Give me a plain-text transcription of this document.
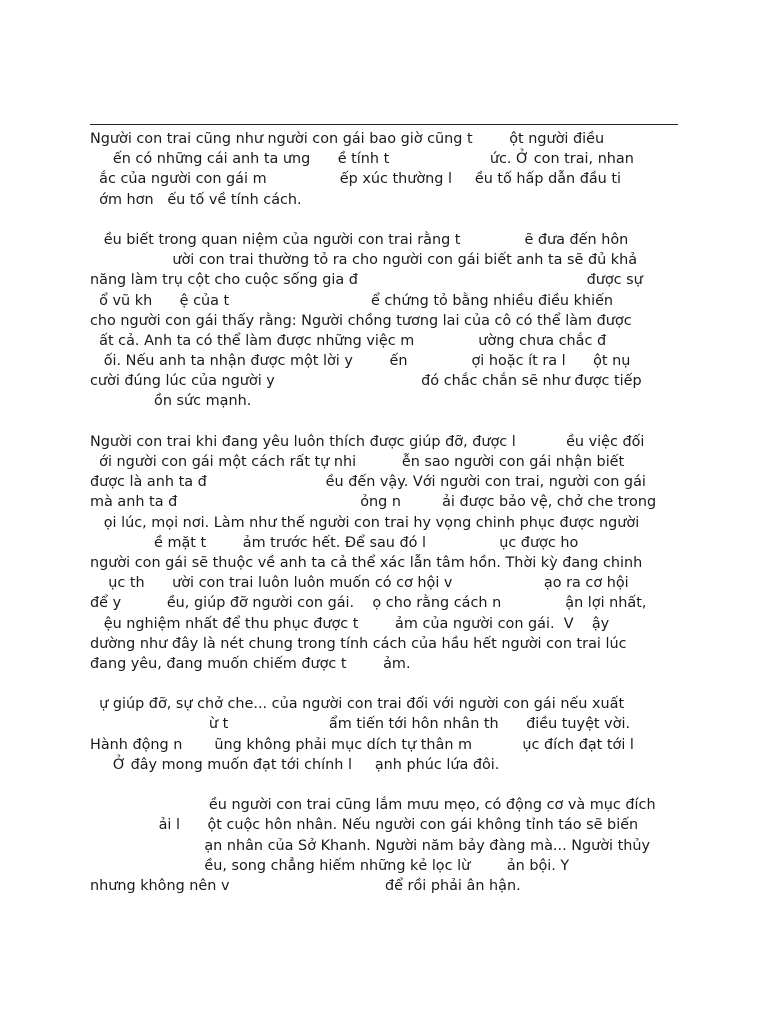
Người con trai cũng như người con gái bao giờ cũng t        ột người điều
ến có những cái anh ta ưng      ề tính t                      ức. Ở con trai, nhan
ắc của người con gái m                ếp xúc thường l     ều tố hấp dẫn đầu ti
ớm hơn   ếu tố về tính cách.
ều biết trong quan niệm của người con trai rằng t              ẽ đưa đến hôn
ười con trai thường tỏ ra cho người con gái biết anh ta sẽ đủ khả
năng làm trụ cột cho cuộc sống gia đ                                                  được sự
ổ vũ kh      ệ của t                               ể chứng tỏ bằng nhiều điều khiến
cho người con gái thấy rằng: Người chồng tương lai của cô có thể làm được
ất cả. Anh ta có thể làm được những việc m              ường chưa chắc đ
ối. Nếu anh ta nhận được một lời y        ến              ợi hoặc ít ra l      ột nụ
cười đúng lúc của người y                                đó chắc chắn sẽ như được tiếp
ồn sức mạnh.
Người con trai khi đang yêu luôn thích được giúp đỡ, được l           ều việc đối
ới người con gái một cách rất tự nhi          ễn sao người con gái nhận biết
được là anh ta đ                          ều đến vậy. Với người con trai, người con gái
mà anh ta đ                                        ỏng n         ải được bảo vệ, chở che trong
ọi lúc, mọi nơi. Làm như thế người con trai hy vọng chinh phục được người
ề mặt t        ảm trước hết. Để sau đó l                ục được ho
người con gái sẽ thuộc về anh ta cả thể xác lẫn tâm hồn. Thời kỳ đang chinh
ục th      ười con trai luôn luôn muốn có cơ hội v                    ạo ra cơ hội
để y          ều, giúp đỡ người con gái.    ọ cho rằng cách n              ận lợi nhất,
ệu nghiệm nhất để thu phục được t        ảm của người con gái.  V    ậy
dường như đây là nét chung trong tính cách của hầu hết người con trai lúc
đang yêu, đang muốn chiếm được t        ảm.
ự giúp đỡ, sự chở che... của người con trai đối với người con gái nếu xuất
ừ t                      ẩm tiến tới hôn nhân th      điều tuyệt vời.
Hành động n       ũng không phải mục dích tự thân m           ục đích đạt tới l
Ở đây mong muốn đạt tới chính l     ạnh phúc lứa đôi.
ều người con trai cũng lắm mưu mẹo, có động cơ và mục đích
ải l      ột cuộc hôn nhân. Nếu người con gái không tỉnh táo sẽ biến
ạn nhân của Sở Khanh. Người năm bảy đàng mà... Người thủy
ều, song chẳng hiếm những kẻ lọc lừ        ản bội. Y
nhưng không nên v                                  để rồi phải ân hận.
